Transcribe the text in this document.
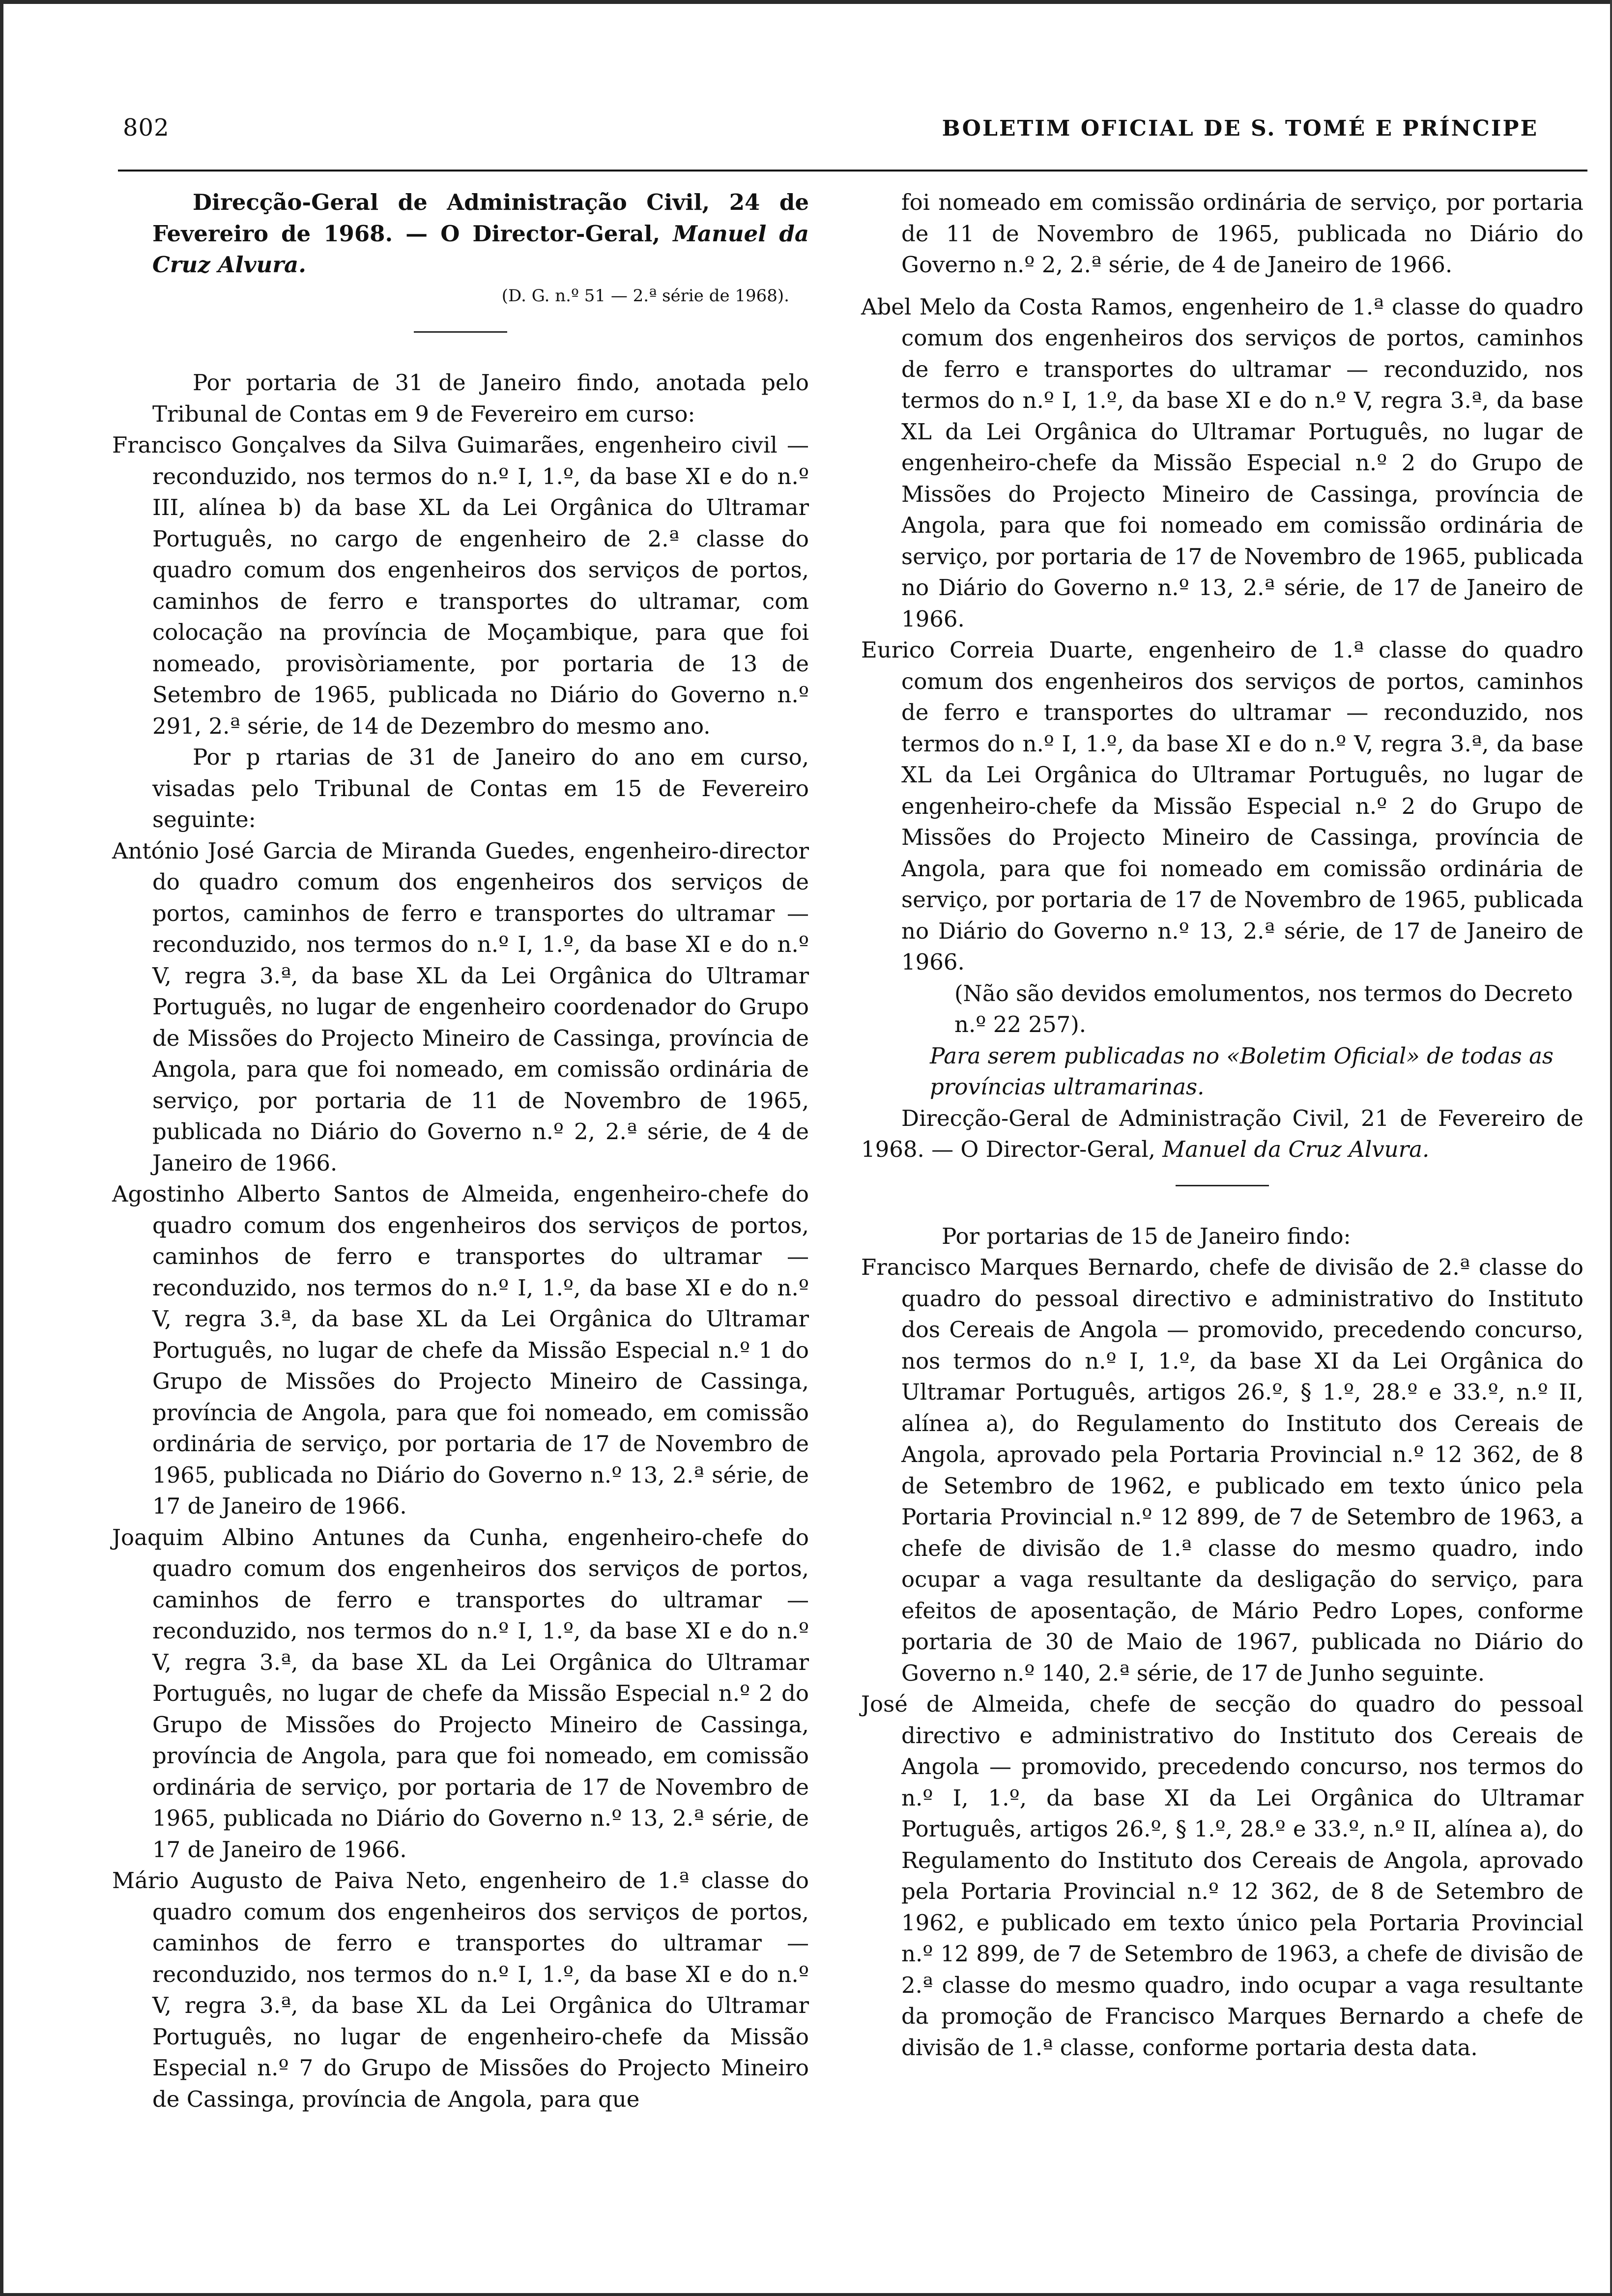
802	BOLETIM OFICIAL DE S. TOMÉ E PRÍNCIPE

Direcção-Geral de Administração Civil, 24 de Fevereiro de 1968. — O Director-Geral, Manuel da Cruz Alvura.

(D. G. n.º 51 — 2.ª série de 1968).

Por portaria de 31 de Janeiro findo, anotada pelo Tribunal de Contas em 9 de Fevereiro em curso:

Francisco Gonçalves da Silva Guimarães, engenheiro civil — reconduzido, nos termos do n.º I, 1.º, da base XI e do n.º III, alínea b) da base XL da Lei Orgânica do Ultramar Português, no cargo de engenheiro de 2.ª classe do quadro comum dos engenheiros dos serviços de portos, caminhos de ferro e transportes do ultramar, com colocação na província de Moçambique, para que foi nomeado, provisòriamente, por portaria de 13 de Setembro de 1965, publicada no Diário do Governo n.º 291, 2.ª série, de 14 de Dezembro do mesmo ano.

Por p rtarias de 31 de Janeiro do ano em curso, visadas pelo Tribunal de Contas em 15 de Fevereiro seguinte:

António José Garcia de Miranda Guedes, engenheiro-director do quadro comum dos engenheiros dos serviços de portos, caminhos de ferro e transportes do ultramar — reconduzido, nos termos do n.º I, 1.º, da base XI e do n.º V, regra 3.ª, da base XL da Lei Orgânica do Ultramar Português, no lugar de engenheiro coordenador do Grupo de Missões do Projecto Mineiro de Cassinga, província de Angola, para que foi nomeado, em comissão ordinária de serviço, por portaria de 11 de Novembro de 1965, publicada no Diário do Governo n.º 2, 2.ª série, de 4 de Janeiro de 1966.

Agostinho Alberto Santos de Almeida, engenheiro-chefe do quadro comum dos engenheiros dos serviços de portos, caminhos de ferro e transportes do ultramar — reconduzido, nos termos do n.º I, 1.º, da base XI e do n.º V, regra 3.ª, da base XL da Lei Orgânica do Ultramar Português, no lugar de chefe da Missão Especial n.º 1 do Grupo de Missões do Projecto Mineiro de Cassinga, província de Angola, para que foi nomeado, em comissão ordinária de serviço, por portaria de 17 de Novembro de 1965, publicada no Diário do Governo n.º 13, 2.ª série, de 17 de Janeiro de 1966.

Joaquim Albino Antunes da Cunha, engenheiro-chefe do quadro comum dos engenheiros dos serviços de portos, caminhos de ferro e transportes do ultramar — reconduzido, nos termos do n.º I, 1.º, da base XI e do n.º V, regra 3.ª, da base XL da Lei Orgânica do Ultramar Português, no lugar de chefe da Missão Especial n.º 2 do Grupo de Missões do Projecto Mineiro de Cassinga, província de Angola, para que foi nomeado, em comissão ordinária de serviço, por portaria de 17 de Novembro de 1965, publicada no Diário do Governo n.º 13, 2.ª série, de 17 de Janeiro de 1966.

Mário Augusto de Paiva Neto, engenheiro de 1.ª classe do quadro comum dos engenheiros dos serviços de portos, caminhos de ferro e transportes do ultramar — reconduzido, nos termos do n.º I, 1.º, da base XI e do n.º V, regra 3.ª, da base XL da Lei Orgânica do Ultramar Português, no lugar de engenheiro-chefe da Missão Especial n.º 7 do Grupo de Missões do Projecto Mineiro de Cassinga, província de Angola, para que

foi nomeado em comissão ordinária de serviço, por portaria de 11 de Novembro de 1965, publicada no Diário do Governo n.º 2, 2.ª série, de 4 de Janeiro de 1966.

Abel Melo da Costa Ramos, engenheiro de 1.ª classe do quadro comum dos engenheiros dos serviços de portos, caminhos de ferro e transportes do ultramar — reconduzido, nos termos do n.º I, 1.º, da base XI e do n.º V, regra 3.ª, da base XL da Lei Orgânica do Ultramar Português, no lugar de engenheiro-chefe da Missão Especial n.º 2 do Grupo de Missões do Projecto Mineiro de Cassinga, província de Angola, para que foi nomeado em comissão ordinária de serviço, por portaria de 17 de Novembro de 1965, publicada no Diário do Governo n.º 13, 2.ª série, de 17 de Janeiro de 1966.

Eurico Correia Duarte, engenheiro de 1.ª classe do quadro comum dos engenheiros dos serviços de portos, caminhos de ferro e transportes do ultramar — reconduzido, nos termos do n.º I, 1.º, da base XI e do n.º V, regra 3.ª, da base XL da Lei Orgânica do Ultramar Português, no lugar de engenheiro-chefe da Missão Especial n.º 2 do Grupo de Missões do Projecto Mineiro de Cassinga, província de Angola, para que foi nomeado em comissão ordinária de serviço, por portaria de 17 de Novembro de 1965, publicada no Diário do Governo n.º 13, 2.ª série, de 17 de Janeiro de 1966.

(Não são devidos emolumentos, nos termos do Decreto n.º 22 257).

Para serem publicadas no «Boletim Oficial» de todas as províncias ultramarinas.

Direcção-Geral de Administração Civil, 21 de Fevereiro de 1968. — O Director-Geral, Manuel da Cruz Alvura.

Por portarias de 15 de Janeiro findo:

Francisco Marques Bernardo, chefe de divisão de 2.ª classe do quadro do pessoal directivo e administrativo do Instituto dos Cereais de Angola — promovido, precedendo concurso, nos termos do n.º I, 1.º, da base XI da Lei Orgânica do Ultramar Português, artigos 26.º, § 1.º, 28.º e 33.º, n.º II, alínea a), do Regulamento do Instituto dos Cereais de Angola, aprovado pela Portaria Provincial n.º 12 362, de 8 de Setembro de 1962, e publicado em texto único pela Portaria Provincial n.º 12 899, de 7 de Setembro de 1963, a chefe de divisão de 1.ª classe do mesmo quadro, indo ocupar a vaga resultante da desligação do serviço, para efeitos de aposentação, de Mário Pedro Lopes, conforme portaria de 30 de Maio de 1967, publicada no Diário do Governo n.º 140, 2.ª série, de 17 de Junho seguinte.

José de Almeida, chefe de secção do quadro do pessoal directivo e administrativo do Instituto dos Cereais de Angola — promovido, precedendo concurso, nos termos do n.º I, 1.º, da base XI da Lei Orgânica do Ultramar Português, artigos 26.º, § 1.º, 28.º e 33.º, n.º II, alínea a), do Regulamento do Instituto dos Cereais de Angola, aprovado pela Portaria Provincial n.º 12 362, de 8 de Setembro de 1962, e publicado em texto único pela Portaria Provincial n.º 12 899, de 7 de Setembro de 1963, a chefe de divisão de 2.ª classe do mesmo quadro, indo ocupar a vaga resultante da promoção de Francisco Marques Bernardo a chefe de divisão de 1.ª classe, conforme portaria desta data.
